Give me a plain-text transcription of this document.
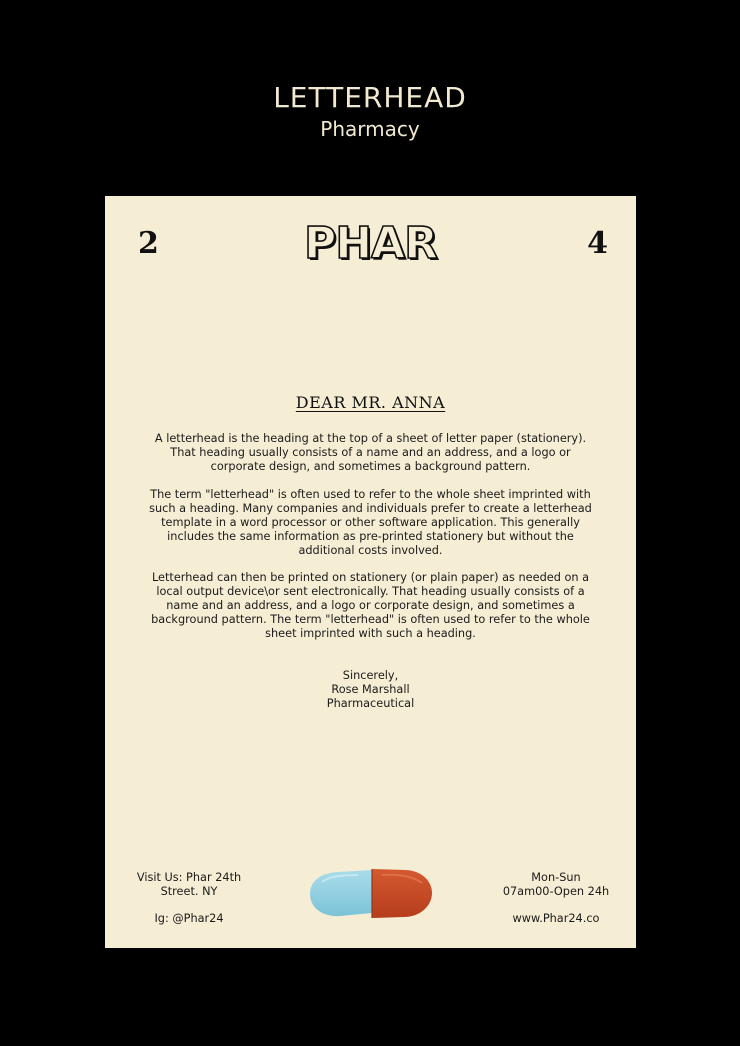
LETTERHEAD
Pharmacy
2	PHAR	4
DEAR MR. ANNA

A letterhead is the heading at the top of a sheet of letter paper (stationery). That heading usually consists of a name and an address, and a logo or corporate design, and sometimes a background pattern.

The term "letterhead" is often used to refer to the whole sheet imprinted with such a heading. Many companies and individuals prefer to create a letterhead template in a word processor or other software application. This generally includes the same information as pre-printed stationery but without the additional costs involved.

Letterhead can then be printed on stationery (or plain paper) as needed on a local output device\or sent electronically. That heading usually consists of a name and an address, and a logo or corporate design, and sometimes a background pattern. The term "letterhead" is often used to refer to the whole sheet imprinted with such a heading.

Sincerely,
Rose Marshall
Pharmaceutical
Visit Us: Phar 24th
Street. NY
Ig: @Phar24
Mon-Sun
07am00-Open 24h
www.Phar24.co
